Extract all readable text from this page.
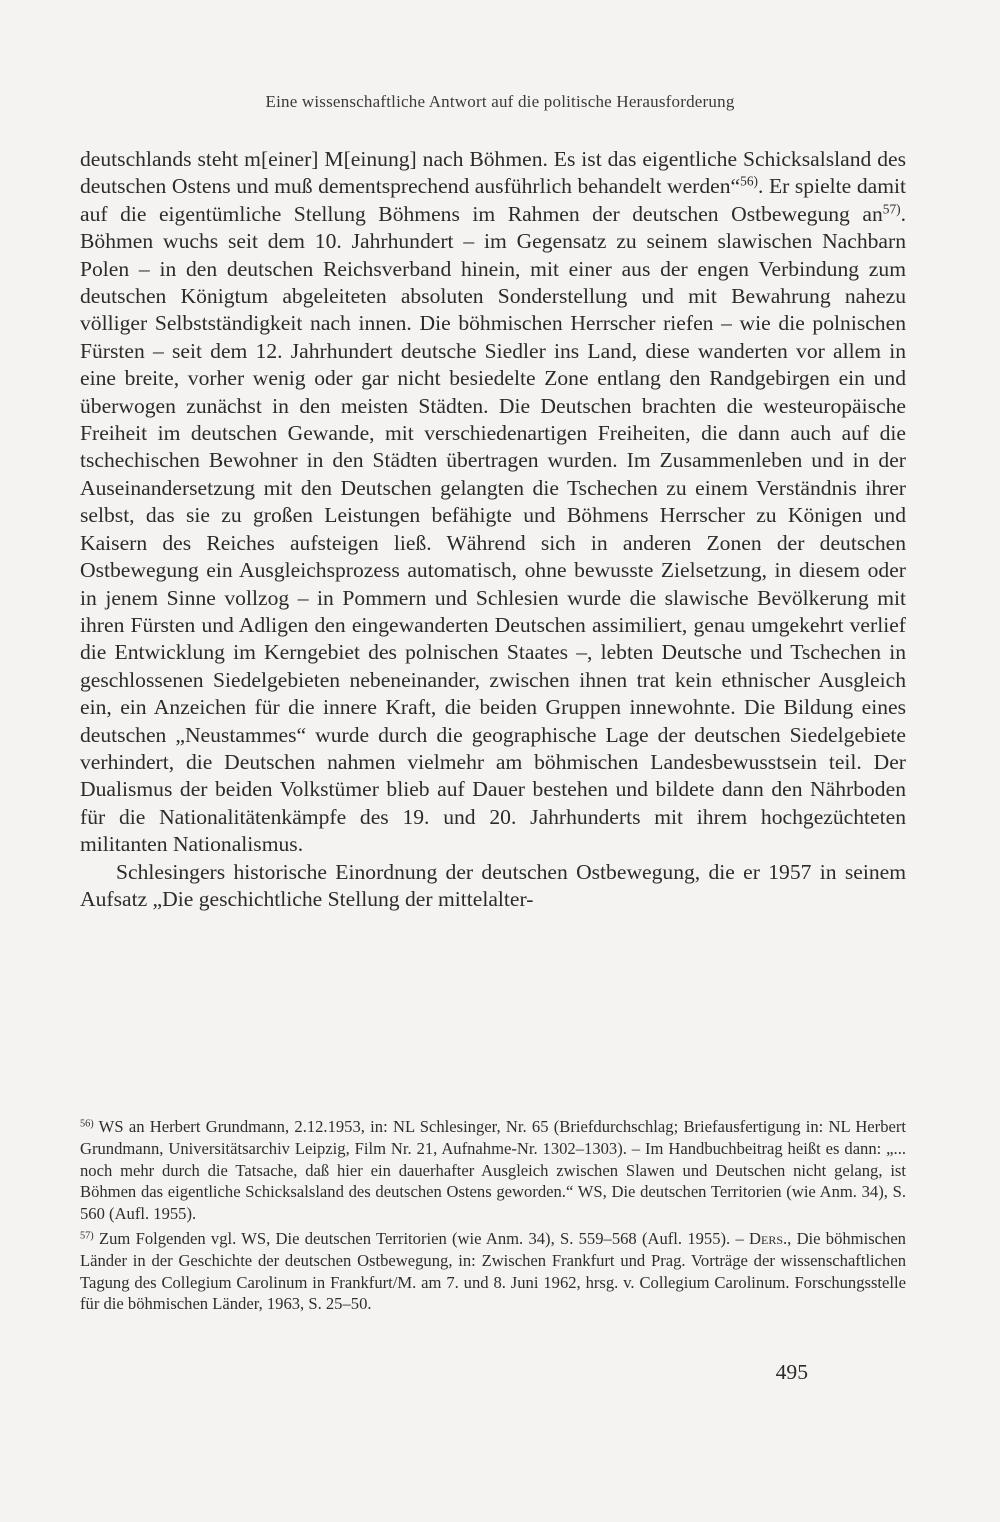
Eine wissenschaftliche Antwort auf die politische Herausforderung
deutschlands steht m[einer] M[einung] nach Böhmen. Es ist das eigentliche Schicksalsland des deutschen Ostens und muß dementsprechend ausführlich behandelt werden“$^{56)}$. Er spielte damit auf die eigentümliche Stellung Böhmens im Rahmen der deutschen Ostbewegung $an^{57)}$. Böhmen wuchs seit dem 10. Jahrhundert – im Gegensatz zu seinem slawischen Nachbarn Polen – in den deutschen Reichsverband hinein, mit einer aus der engen Verbindung zum deutschen Königtum abgeleiteten absoluten Sonderstellung und mit Bewahrung nahezu völliger Selbstständigkeit nach innen. Die böhmischen Herrscher riefen – wie die polnischen Fürsten – seit dem 12. Jahrhundert deutsche Siedler ins Land, diese wanderten vor allem in eine breite, vorher wenig oder gar nicht besiedelte Zone entlang den Randgebirgen ein und überwogen zunächst in den meisten Städten. Die Deutschen brachten die westeuropäische Freiheit im deutschen Gewande, mit verschiedenartigen Freiheiten, die dann auch auf die tschechischen Bewohner in den Städten übertragen wurden. Im Zusammenleben und in der Auseinandersetzung mit den Deutschen gelangten die Tschechen zu einem Verständnis ihrer selbst, das sie zu großen Leistungen befähigte und Böhmens Herrscher zu Königen und Kaisern des Reiches aufsteigen ließ. Während sich in anderen Zonen der deutschen Ostbewegung ein Ausgleichsprozess automatisch, ohne bewusste Zielsetzung, in diesem oder in jenem Sinne vollzog – in Pommern und Schlesien wurde die slawische Bevölkerung mit ihren Fürsten und Adligen den eingewanderten Deutschen assimiliert, genau umgekehrt verlief die Entwicklung im Kerngebiet des polnischen Staates –, lebten Deutsche und Tschechen in geschlossenen Siedelgebieten nebeneinander, zwischen ihnen trat kein ethnischer Ausgleich ein, ein Anzeichen für die innere Kraft, die beiden Gruppen innewohnte. Die Bildung eines deutschen „Neustammes“ wurde durch die geographische Lage der deutschen Siedelgebiete verhindert, die Deutschen nahmen vielmehr am böhmischen Landesbewusstsein teil. Der Dualismus der beiden Volkstümer blieb auf Dauer bestehen und bildete dann den Nährboden für die Nationalitätenkämpfe des 19. und 20. Jahrhunderts mit ihrem hochgezüchteten militanten Nationalismus.
Schlesingers historische Einordnung der deutschen Ostbewegung, die er 1957 in seinem Aufsatz „Die geschichtliche Stellung der mittelalter-

$^{56)}$ WS an Herbert Grundmann, 2.12.1953, in: NL Schlesinger, Nr. 65 (Briefdurchschlag; Briefausfertigung in: NL Herbert Grundmann, Universitätsarchiv Leipzig, Film Nr. 21, Aufnahme-Nr. 1302–1303). – Im Handbuchbeitrag heißt es dann: „... noch mehr durch die Tatsache, daß hier ein dauerhafter Ausgleich zwischen Slawen und Deutschen nicht gelang, ist Böhmen das eigentliche Schicksalsland des deutschen Ostens geworden.“ WS, Die deutschen Territorien (wie Anm. 34), S. 560 (Aufl. 1955).

$^{57)}$ Zum Folgenden vgl. WS, Die deutschen Territorien (wie Anm. 34), S. 559–568 (Aufl. 1955). – Ders., Die böhmischen Länder in der Geschichte der deutschen Ostbewegung, in: Zwischen Frankfurt und Prag. Vorträge der wissenschaftlichen Tagung des Collegium Carolinum in Frankfurt/M. am 7. und 8. Juni 1962, hrsg. v. Collegium Carolinum. Forschungsstelle für die böhmischen Länder, 1963, S. 25–50.

495
